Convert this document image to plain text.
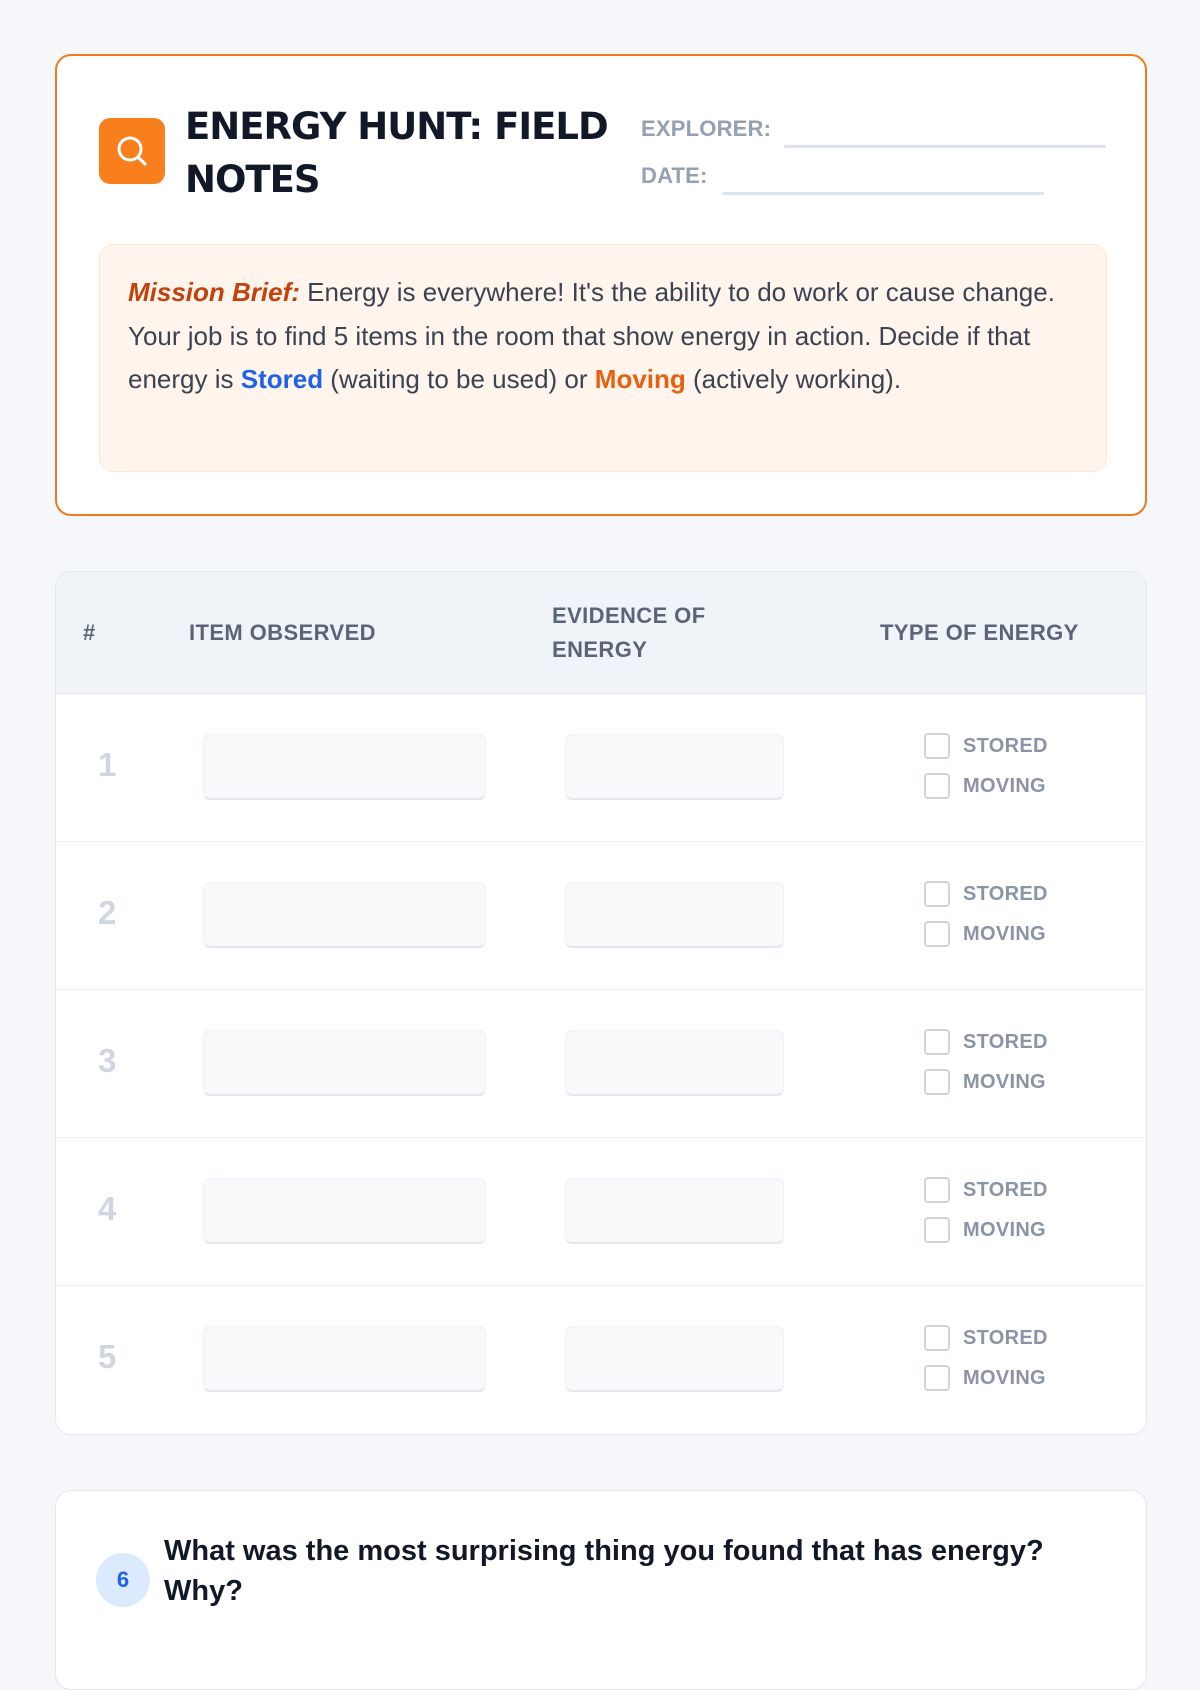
ENERGY HUNT: FIELD NOTES
EXPLORER:
DATE:
Mission Brief: Energy is everywhere! It's the ability to do work or cause change. Your job is to find 5 items in the room that show energy in action. Decide if that energy is Stored (waiting to be used) or Moving (actively working).
#	ITEM OBSERVED
EVIDENCE OF ENERGY
TYPE OF ENERGY
1
STORED
MOVING
2
STORED
MOVING
3
STORED
MOVING
4
STORED
MOVING
5
STORED
MOVING
6

What was the most surprising thing you found that has energy? Why?
